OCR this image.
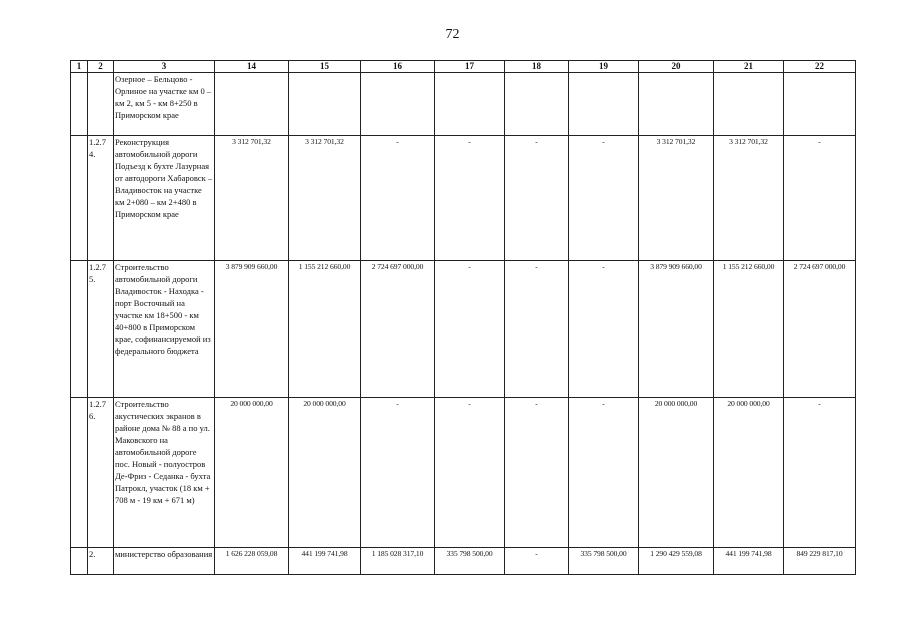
72
1	2	3	14	15	16	17	18	19	20	21	22
		Озерное – Бельцово - Орлиное на участке км 0 – км 2, км 5 - км 8+250 в Приморском крае									
	1.2.7 4.	Реконструкция автомобильной дороги Подъезд к бухте Лазурная от автодороги Хабаровск – Владивосток на участке км 2+080 – км 2+480 в Приморском крае	3 312 701,32	3 312 701,32	-	-	-	-	3 312 701,32	3 312 701,32	-
	1.2.7 5.	Строительство автомобильной дороги Владивосток - Находка - порт Восточный на участке км 18+500 - км 40+800 в Приморском крае, софинансируемой из федерального бюджета	3 879 909 660,00	1 155 212 660,00	2 724 697 000,00	-	-	-	3 879 909 660,00	1 155 212 660,00	2 724 697 000,00
	1.2.7 6.	Строительство акустических экранов в районе дома № 88 а по ул. Маковского на автомобильной дороге пос. Новый - полуостров Де-Фриз - Седанка - бухта Патрокл, участок (18 км + 708 м - 19 км + 671 м)	20 000 000,00	20 000 000,00	-	-	-	-	20 000 000,00	20 000 000,00	-
	2.	министерство образования	1 626 228 059,08	441 199 741,98	1 185 028 317,10	335 798 500,00	-	335 798 500,00	1 290 429 559,08	441 199 741,98	849 229 817,10
